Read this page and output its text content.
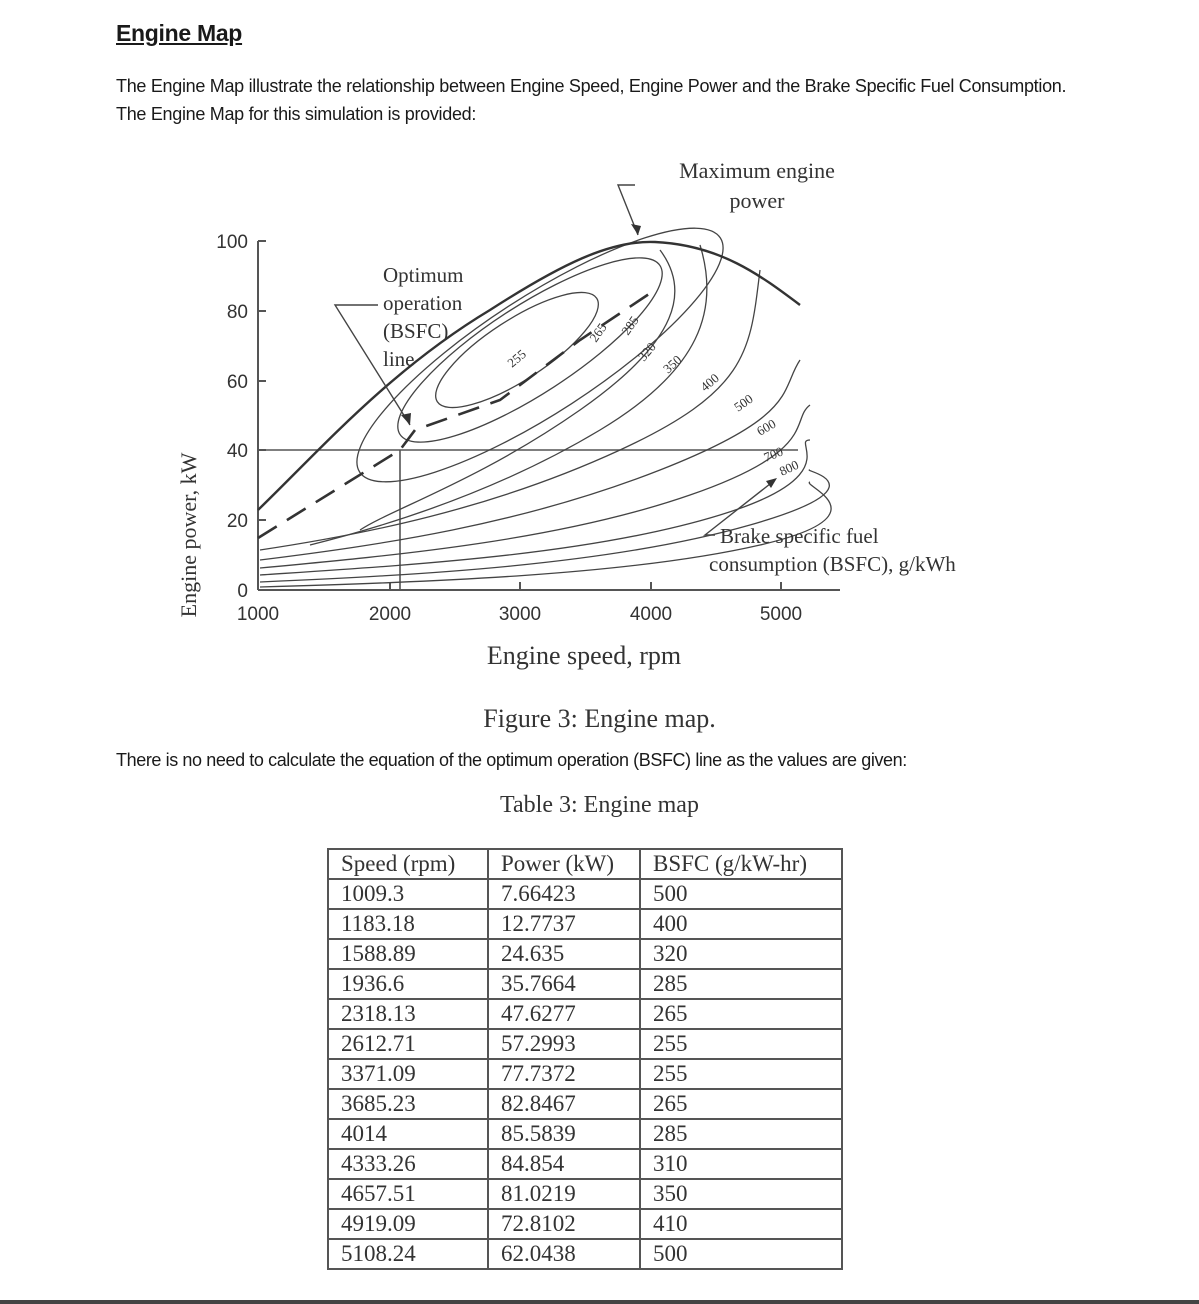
Engine Map
The Engine Map illustrate the relationship between Engine Speed, Engine Power and the Brake Specific Fuel Consumption. The Engine Map for this simulation is provided:
Engine power, kW
100
80
60
40
20
0
1000	2000	3000	4000	5000
Engine speed, rpm
255
265 285
320
350
400
500
600
700
800
Maximum engine
power
Optimum
operation
(BSFC)
line
Brake specific fuel
consumption (BSFC), g/kWh
Figure 3: Engine map.
There is no need to calculate the equation of the optimum operation (BSFC) line as the values are given:
Table 3: Engine map
Speed (rpm)	Power (kW)	BSFC (g/kW-hr)
1009.3	7.66423	500
1183.18	12.7737	400
1588.89	24.635	320
1936.6	35.7664	285
2318.13	47.6277	265
2612.71	57.2993	255
3371.09	77.7372	255
3685.23	82.8467	265
4014	85.5839	285
4333.26	84.854	310
4657.51	81.0219	350
4919.09	72.8102	410
5108.24	62.0438	500
